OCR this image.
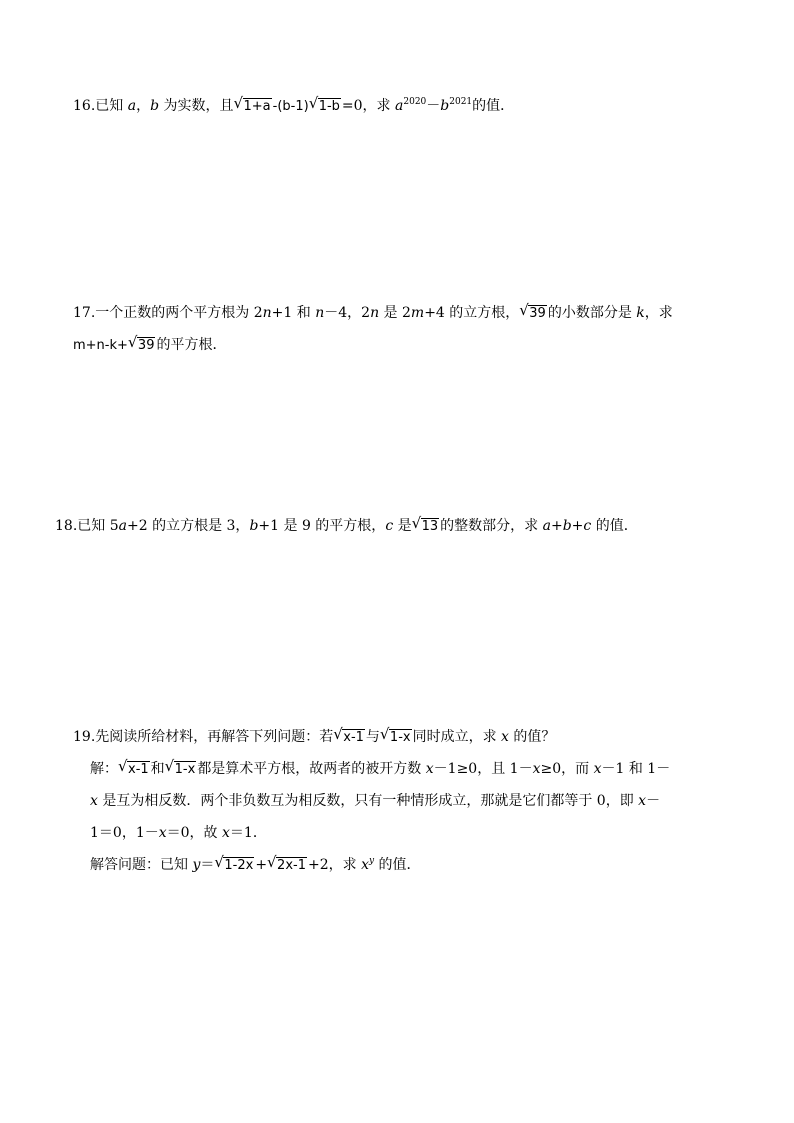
16.已知 a，b 为实数，且 √ 1+a -(b-1) √ 1-b =0，求 $a^{2020}-b^{2021}$的值．
17.一个正数的两个平方根为 2n+1 和 n－4，2n 是 2m+4 的立方根， √ 39 的小数部分是 k，求
m+n-k+ √ 39 的平方根．
18.已知 5a+2 的立方根是 3，b+1 是 9 的平方根，c 是 √ 13 的整数部分，求 a+b+c 的值．
19.先阅读所给材料，再解答下列问题：若 √ x-1 与 √ 1-x 同时成立，求 x 的值？
解： √ x-1 和 √ 1-x 都是算术平方根，故两者的被开方数 x－1≥0，且 1－x≥0，而 x－1 和 1－
x 是互为相反数．两个非负数互为相反数，只有一种情形成立，那就是它们都等于 0，即 x－
1＝0，1－x＝0，故 x＝1．
解答问题：已知 y＝ √ 1-2x + √ 2x-1 +2，求 $x^y$ 的值．
